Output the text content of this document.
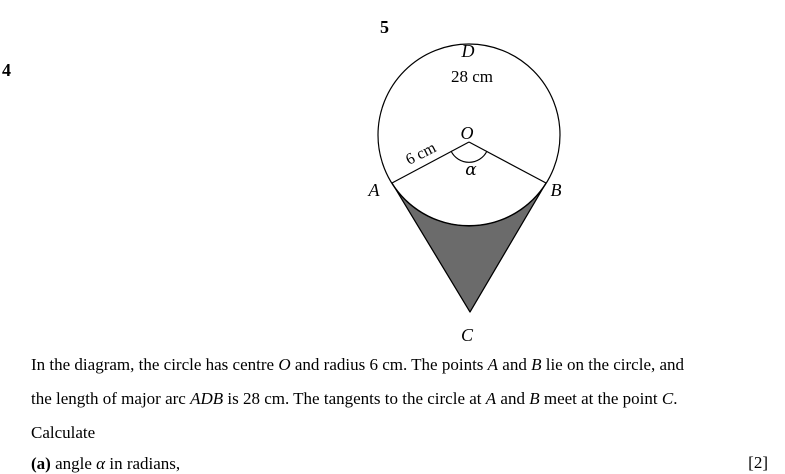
5
4
D
28 cm
O
6 cm
α
A	B
C
In the diagram, the circle has centre O and radius 6 cm. The points A and B lie on the circle, and
the length of major arc ADB is 28 cm. The tangents to the circle at A and B meet at the point C.
Calculate
(a) angle α in radians,	[2]
